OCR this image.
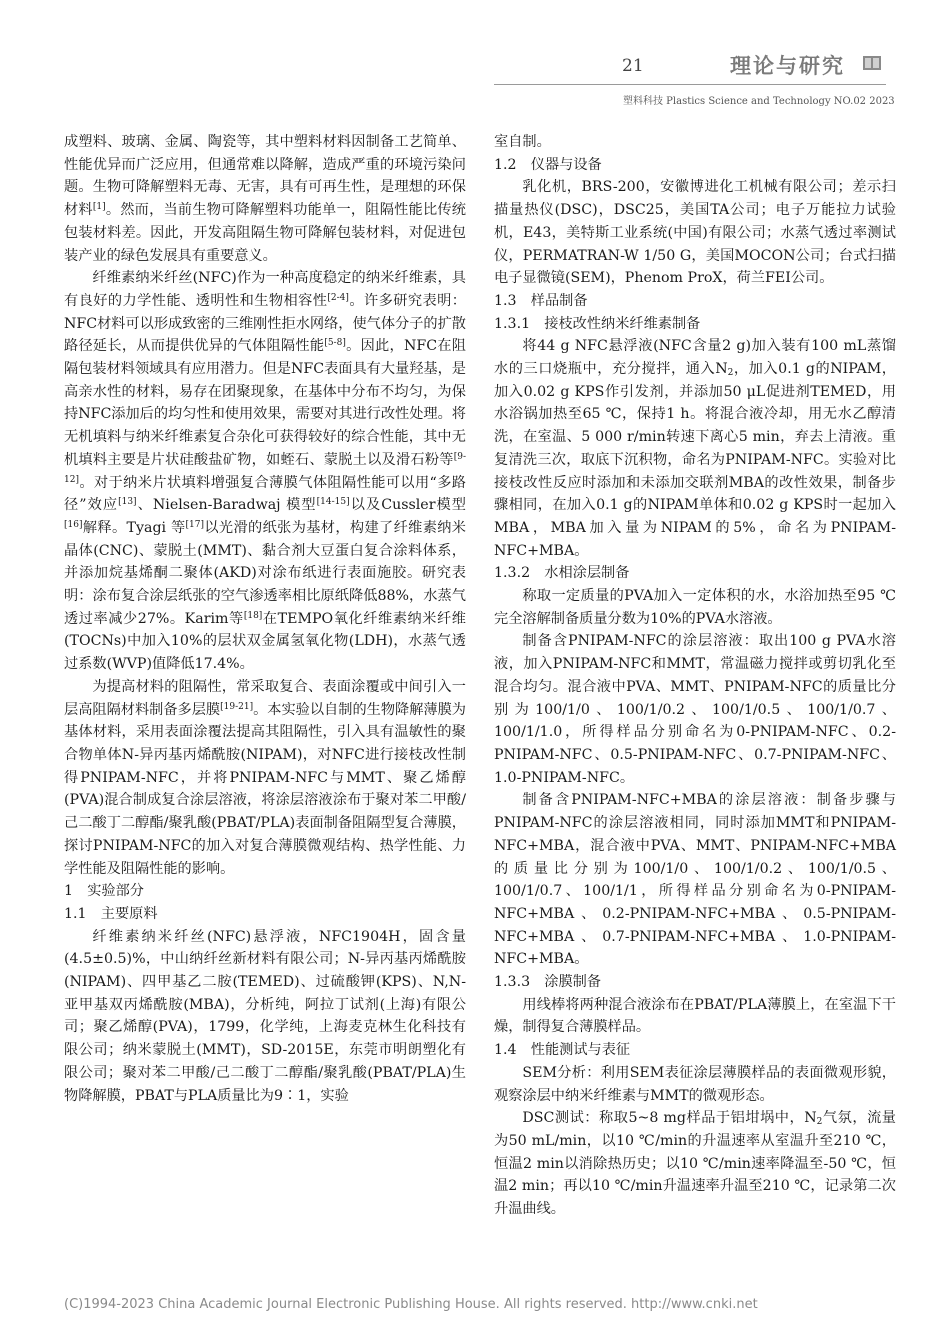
21	理论与研究
塑料科技 Plastics Science and Technology NO.02 2023

成塑料、玻璃、金属、陶瓷等，其中塑料材料因制备工艺简单、性能优异而广泛应用，但通常难以降解，造成严重的环境污染问题。生物可降解塑料无毒、无害，具有可再生性，是理想的环保材料[1]。然而，当前生物可降解塑料功能单一，阻隔性能比传统包装材料差。因此，开发高阻隔生物可降解包装材料，对促进包装产业的绿色发展具有重要意义。

纤维素纳米纤丝(NFC)作为一种高度稳定的纳米纤维素，具有良好的力学性能、透明性和生物相容性[2-4]。许多研究表明：NFC材料可以形成致密的三维刚性拒水网络，使气体分子的扩散路径延长，从而提供优异的气体阻隔性能[5-8]。因此，NFC在阻隔包装材料领域具有应用潜力。但是NFC表面具有大量羟基，是高亲水性的材料，易存在团聚现象，在基体中分布不均匀，为保持NFC添加后的均匀性和使用效果，需要对其进行改性处理。将无机填料与纳米纤维素复合杂化可获得较好的综合性能，其中无机填料主要是片状硅酸盐矿物，如蛭石、蒙脱土以及滑石粉等[9-12]。对于纳米片状填料增强复合薄膜气体阻隔性能可以用“多路径”效应[13]、Nielsen-Baradwaj 模型[14-15]以及Cussler模型[16]解释。Tyagi 等[17]以光滑的纸张为基材，构建了纤维素纳米晶体(CNC)、蒙脱土(MMT)、黏合剂大豆蛋白复合涂料体系，并添加烷基烯酮二聚体(AKD)对涂布纸进行表面施胶。研究表明：涂布复合涂层纸张的空气渗透率相比原纸降低88%，水蒸气透过率减少27%。Karim等[18]在TEMPO氧化纤维素纳米纤维(TOCNs)中加入10%的层状双金属氢氧化物(LDH)，水蒸气透过系数(WVP)值降低17.4%。

为提高材料的阻隔性，常采取复合、表面涂覆或中间引入一层高阻隔材料制备多层膜[19-21]。本实验以自制的生物降解薄膜为基体材料，采用表面涂覆法提高其阻隔性，引入具有温敏性的聚合物单体N-异丙基丙烯酰胺(NIPAM)，对NFC进行接枝改性制得PNIPAM-NFC，并将PNIPAM-NFC与MMT、聚乙烯醇(PVA)混合制成复合涂层溶液，将涂层溶液涂布于聚对苯二甲酸/己二酸丁二醇酯/聚乳酸(PBAT/PLA)表面制备阻隔型复合薄膜，探讨PNIPAM-NFC的加入对复合薄膜微观结构、热学性能、力学性能及阻隔性能的影响。

1　实验部分

1.1　主要原料

纤维素纳米纤丝(NFC)悬浮液，NFC1904H，固含量(4.5±0.5)%，中山纳纤丝新材料有限公司；N-异丙基丙烯酰胺(NIPAM)、四甲基乙二胺(TEMED)、过硫酸钾(KPS)、N,N-亚甲基双丙烯酰胺(MBA)，分析纯，阿拉丁试剂(上海)有限公司；聚乙烯醇(PVA)，1799，化学纯，上海麦克林生化科技有限公司；纳米蒙脱土(MMT)，SD-2015E，东莞市明朗塑化有限公司；聚对苯二甲酸/己二酸丁二醇酯/聚乳酸(PBAT/PLA)生物降解膜，PBAT与PLA质量比为9∶1，实验

室自制。

1.2　仪器与设备

乳化机，BRS-200，安徽博进化工机械有限公司；差示扫描量热仪(DSC)，DSC25，美国TA公司；电子万能拉力试验机，E43，美特斯工业系统(中国)有限公司；水蒸气透过率测试仪，PERMATRAN-W 1/50 G，美国MOCON公司；台式扫描电子显微镜(SEM)，Phenom ProX，荷兰FEI公司。

1.3　样品制备

1.3.1　接枝改性纳米纤维素制备

将44 g NFC悬浮液(NFC含量2 g)加入装有100 mL蒸馏水的三口烧瓶中，充分搅拌，通入$N_2$，加入0.1 g的NIPAM，加入0.02 g KPS作引发剂，并添加50 μL促进剂TEMED，用水浴锅加热至65 ℃，保持1 h。将混合液冷却，用无水乙醇清洗，在室温、5 000 r/min转速下离心5 min，弃去上清液。重复清洗三次，取底下沉积物，命名为PNIPAM-NFC。实验对比接枝改性反应时添加和未添加交联剂MBA的改性效果，制备步骤相同，在加入0.1 g的NIPAM单体和0.02 g KPS时一起加入MBA，MBA加入量为NIPAM的5%，命名为PNIPAM-NFC+MBA。

1.3.2　水相涂层制备

称取一定质量的PVA加入一定体积的水，水浴加热至95 ℃完全溶解制备质量分数为10%的PVA水溶液。

制备含PNIPAM-NFC的涂层溶液：取出100 g PVA水溶液，加入PNIPAM-NFC和MMT，常温磁力搅拌或剪切乳化至混合均匀。混合液中PVA、MMT、PNIPAM-NFC的质量比分别为100/1/0、100/1/0.2、100/1/0.5、100/1/0.7、100/1/1.0，所得样品分别命名为0-PNIPAM-NFC、0.2-PNIPAM-NFC、0.5-PNIPAM-NFC、0.7-PNIPAM-NFC、1.0-PNIPAM-NFC。

制备含PNIPAM-NFC+MBA的涂层溶液：制备步骤与PNIPAM-NFC的涂层溶液相同，同时添加MMT和PNIPAM-NFC+MBA，混合液中PVA、MMT、PNIPAM-NFC+MBA的质量比分别为100/1/0、100/1/0.2、100/1/0.5、100/1/0.7、100/1/1，所得样品分别命名为0-PNIPAM-NFC+MBA、0.2-PNIPAM-NFC+MBA、0.5-PNIPAM-NFC+MBA、0.7-PNIPAM-NFC+MBA、1.0-PNIPAM-NFC+MBA。

1.3.3　涂膜制备

用线棒将两种混合液涂布在PBAT/PLA薄膜上，在室温下干燥，制得复合薄膜样品。

1.4　性能测试与表征

SEM分析：利用SEM表征涂层薄膜样品的表面微观形貌，观察涂层中纳米纤维素与MMT的微观形态。

DSC测试：称取5~8 mg样品于铝坩埚中，$N_2$气氛，流量为50 mL/min，以10 ℃/min的升温速率从室温升至210 ℃，恒温2 min以消除热历史；以10 ℃/min速率降温至-50 ℃，恒温2 min；再以10 ℃/min升温速率升温至210 ℃，记录第二次升温曲线。

(C)1994-2023 China Academic Journal Electronic Publishing House. All rights reserved. http://www.cnki.net
